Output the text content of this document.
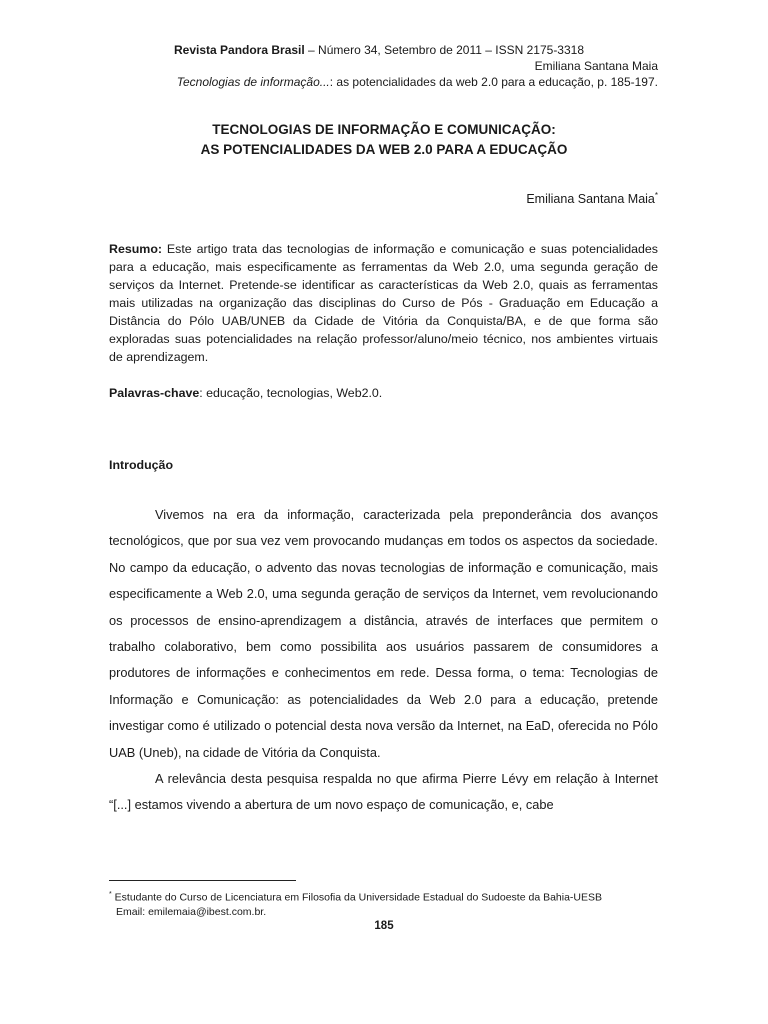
Revista Pandora Brasil – Número 34, Setembro de 2011 – ISSN 2175-3318
Emiliana Santana Maia
Tecnologias de informação...: as potencialidades da web 2.0 para a educação, p. 185-197.
TECNOLOGIAS DE INFORMAÇÃO E COMUNICAÇÃO:
AS POTENCIALIDADES DA WEB 2.0 PARA A EDUCAÇÃO
Emiliana Santana Maia*
Resumo: Este artigo trata das tecnologias de informação e comunicação e suas potencialidades para a educação, mais especificamente as ferramentas da Web 2.0, uma segunda geração de serviços da Internet. Pretende-se identificar as características da Web 2.0, quais as ferramentas mais utilizadas na organização das disciplinas do Curso de Pós - Graduação em Educação a Distância do Pólo UAB/UNEB da Cidade de Vitória da Conquista/BA, e de que forma são exploradas suas potencialidades na relação professor/aluno/meio técnico, nos ambientes virtuais de aprendizagem.
Palavras-chave: educação, tecnologias, Web2.0.
Introdução

Vivemos na era da informação, caracterizada pela preponderância dos avanços tecnológicos, que por sua vez vem provocando mudanças em todos os aspectos da sociedade. No campo da educação, o advento das novas tecnologias de informação e comunicação, mais especificamente a Web 2.0, uma segunda geração de serviços da Internet, vem revolucionando os processos de ensino-aprendizagem a distância, através de interfaces que permitem o trabalho colaborativo, bem como possibilita aos usuários passarem de consumidores a produtores de informações e conhecimentos em rede. Dessa forma, o tema: Tecnologias de Informação e Comunicação: as potencialidades da Web 2.0 para a educação, pretende investigar como é utilizado o potencial desta nova versão da Internet, na EaD, oferecida no Pólo UAB (Uneb), na cidade de Vitória da Conquista.

A relevância desta pesquisa respalda no que afirma Pierre Lévy em relação à Internet “[...] estamos vivendo a abertura de um novo espaço de comunicação, e, cabe

* Estudante do Curso de Licenciatura em Filosofia da Universidade Estadual do Sudoeste da Bahia-UESB
Email: emilemaia@ibest.com.br.
185
